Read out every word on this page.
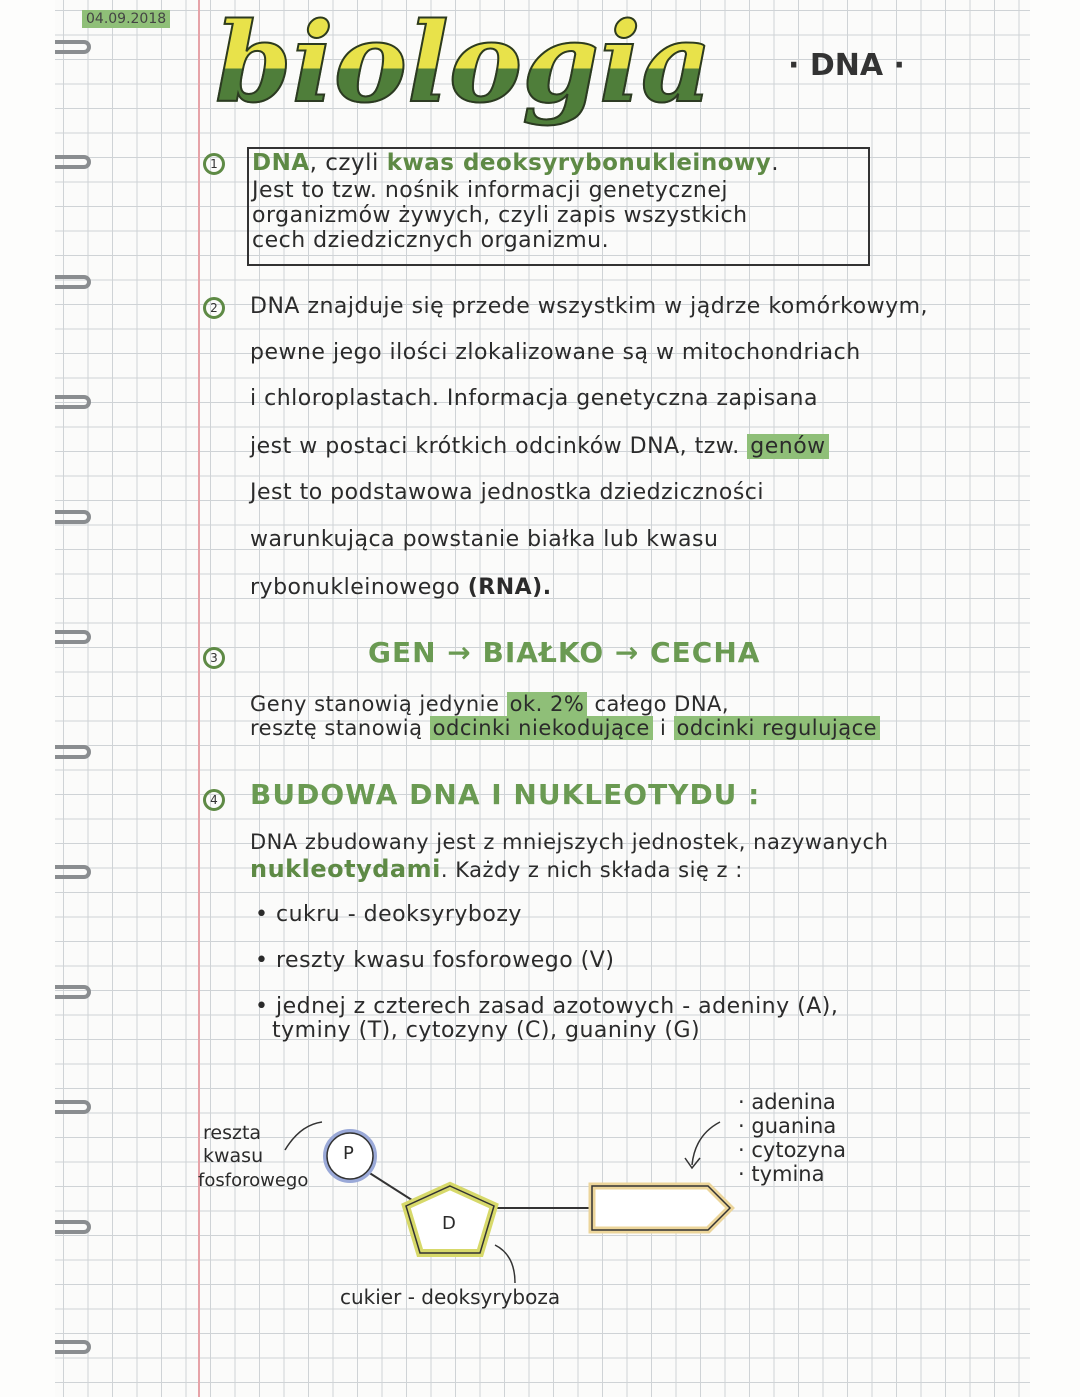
04.09.2018 biologia	· DNA ·
1	DNA, czyli kwas deoksyrybonukleinowy.
Jest to tzw. nośnik informacji genetycznej
organizmów żywych, czyli zapis wszystkich
cech dziedzicznych organizmu.
2	DNA znajduje się przede wszystkim w jądrze komórkowym,
pewne jego ilości zlokalizowane są w mitochondriach
i chloroplastach. Informacja genetyczna zapisana
jest w postaci krótkich odcinków DNA, tzw. genów
Jest to podstawowa jednostka dziedziczności
warunkująca powstanie białka lub kwasu
rybonukleinowego (RNA).
3	GEN → BIAŁKO → CECHA
Geny stanowią jedynie ok. 2% całego DNA,
resztę stanowią odcinki niekodujące i odcinki regulujące
4 BUDOWA DNA I NUKLEOTYDU :
DNA zbudowany jest z mniejszych jednostek, nazywanych
nukleotydami. Każdy z nich składa się z :
• cukru - deoksyrybozy
• reszty kwasu fosforowego (V)
• jednej z czterech zasad azotowych - adeniny (A),
tyminy (T), cytozyny (C), guaniny (G)
P
D
reszta
kwasu
fosforowego
· adenina
· guanina
· cytozyna
· tymina
cukier - deoksyryboza
